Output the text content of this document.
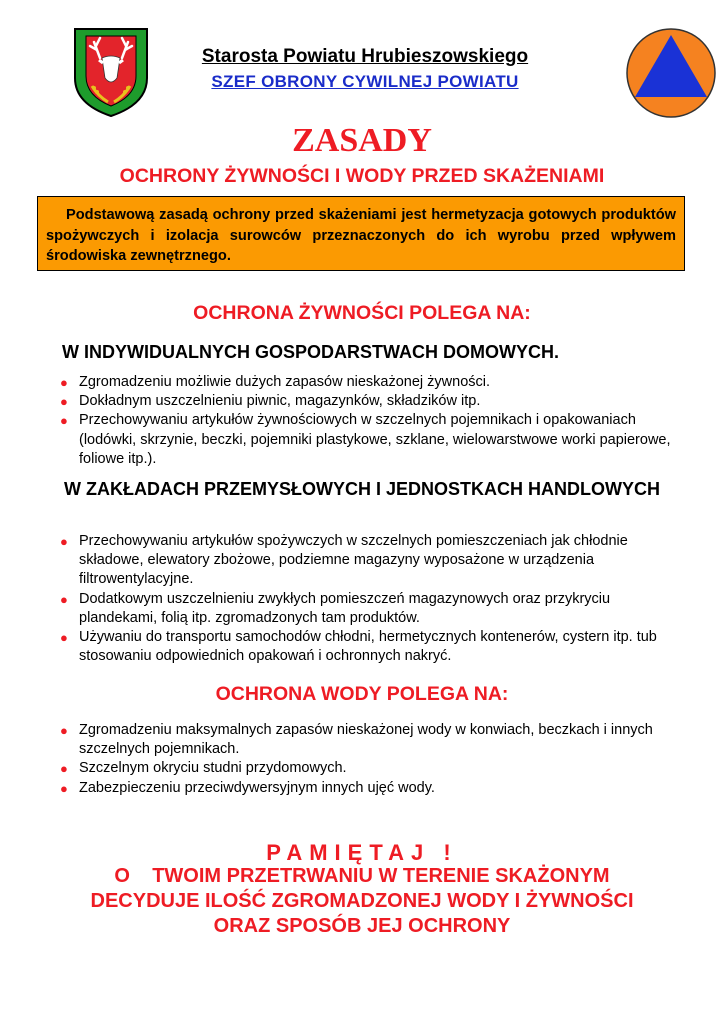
Starosta Powiatu Hrubieszowskiego
SZEF OBRONY CYWILNEJ POWIATU
ZASADY
OCHRONY ŻYWNOŚCI I WODY PRZED SKAŻENIAMI
Podstawową zasadą ochrony przed skażeniami jest hermetyzacja gotowych produktów spożywczych i izolacja surowców przeznaczonych do ich wyrobu przed wpływem środowiska zewnętrznego.
OCHRONA ŻYWNOŚCI POLEGA NA:
W INDYWIDUALNYCH GOSPODARSTWACH DOMOWYCH.
● Zgromadzeniu możliwie dużych zapasów nieskażonej żywności.
● Dokładnym uszczelnieniu piwnic, magazynków, składzików itp.
● Przechowywaniu artykułów żywnościowych w szczelnych pojemnikach i opakowaniach (lodówki, skrzynie, beczki, pojemniki plastykowe, szklane, wielowarstwowe worki papierowe, foliowe itp.).
W ZAKŁADACH PRZEMYSŁOWYCH I JEDNOSTKACH HANDLOWYCH
● Przechowywaniu artykułów spożywczych w szczelnych pomieszczeniach jak chłodnie składowe, elewatory zbożowe, podziemne magazyny wyposażone w urządzenia filtrowentylacyjne.
● Dodatkowym uszczelnieniu zwykłych pomieszczeń magazynowych oraz przykryciu plandekami, folią itp. zgromadzonych tam produktów.
● Używaniu do transportu samochodów chłodni, hermetycznych kontenerów, cystern itp. tub stosowaniu odpowiednich opakowań i ochronnych nakryć.
OCHRONA WODY POLEGA NA:
● Zgromadzeniu maksymalnych zapasów nieskażonej wody w konwiach, beczkach i innych szczelnych pojemnikach.
● Szczelnym okryciu studni przydomowych.
● Zabezpieczeniu przeciwdywersyjnym innych ujęć wody.
PAMIĘTAJ !
O    TWOIM PRZETRWANIU W TERENIE SKAŻONYM
DECYDUJE ILOŚĆ ZGROMADZONEJ WODY I ŻYWNOŚCI
ORAZ SPOSÓB JEJ OCHRONY
